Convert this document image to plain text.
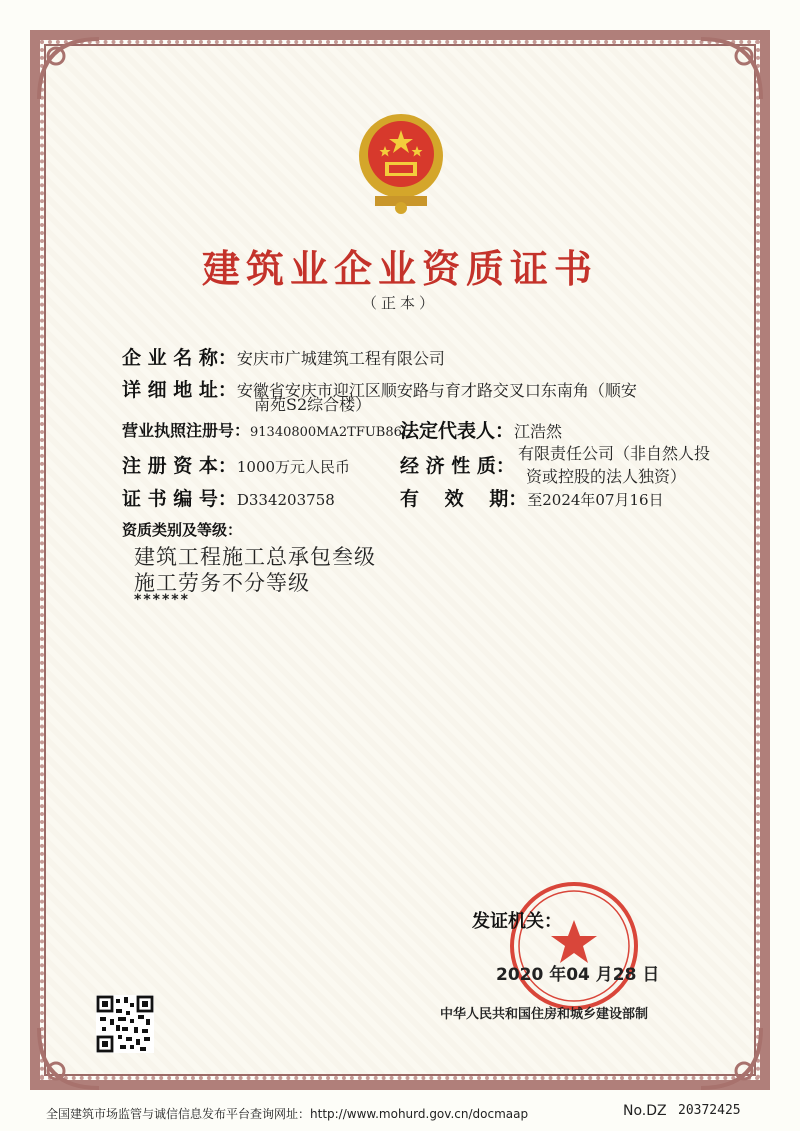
建筑业企业资质证书
（正本）
企 业 名 称：安庆市广城建筑工程有限公司
详 细 地 址：安徽省安庆市迎江区顺安路与育才路交叉口东南角（顺安
南苑S2综合楼）
营业执照注册号：91340800MA2TFUB86L
法定代表人：江浩然
注 册 资 本：1000万元人民币	经 济 性 质：
有限责任公司（非自然人投
资或控股的法人独资）
证 书 编 号：D334203758	有　 效　 期：至2024年07月16日
资质类别及等级：
建筑工程施工总承包叁级
施工劳务不分等级
******
发证机关：
2020 年04 月28 日
中华人民共和国住房和城乡建设部制
全国建筑市场监管与诚信信息发布平台查询网址：http://www.mohurd.gov.cn/docmaap	No.DZ 20372425
